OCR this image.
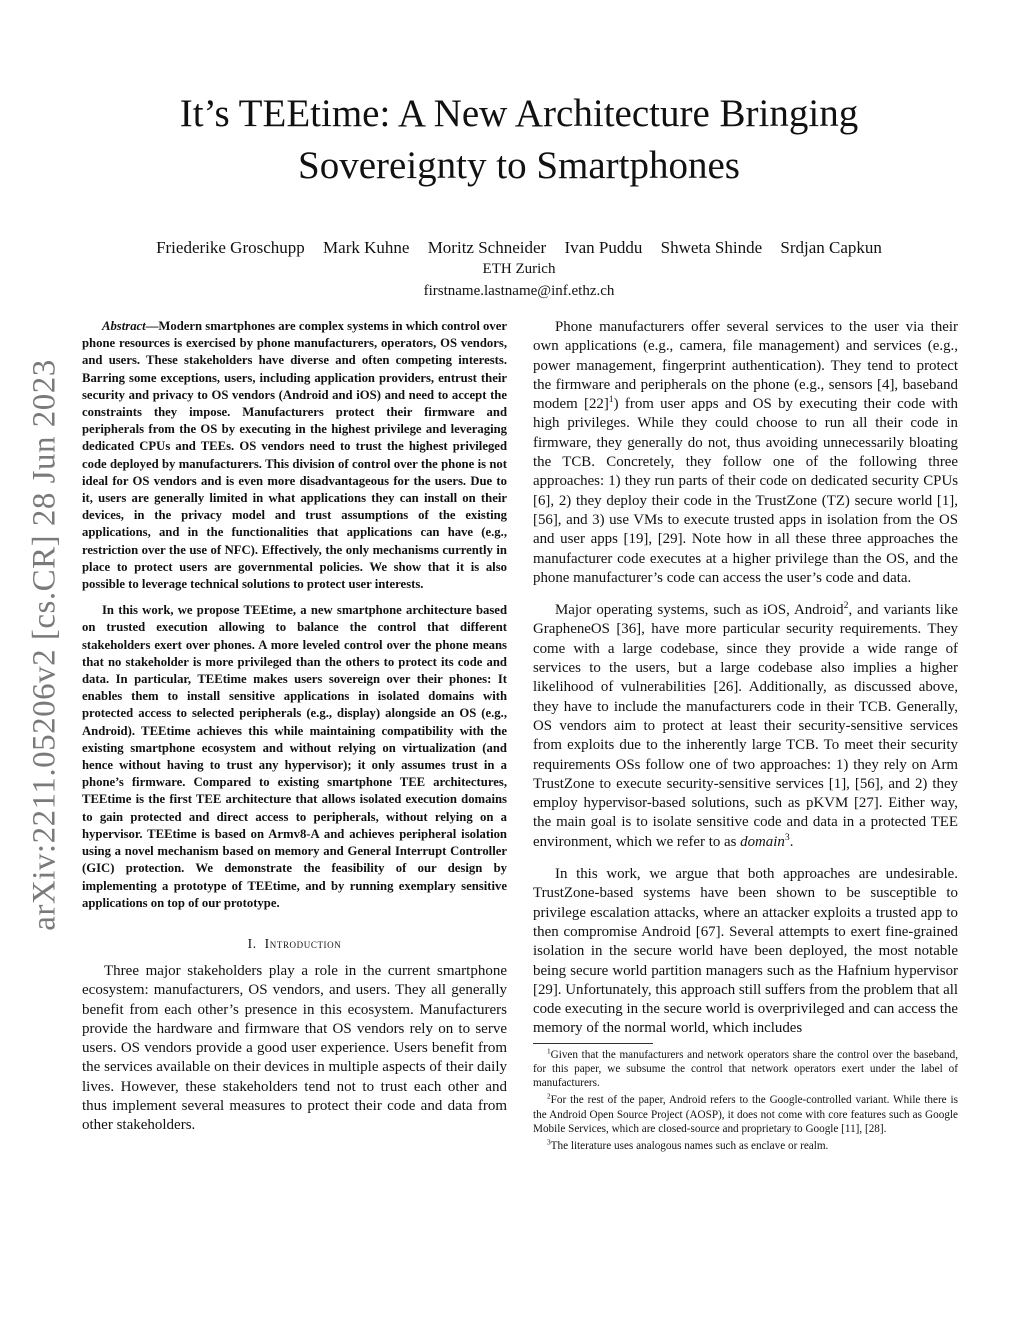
arXiv:2211.05206v2 [cs.CR] 28 Jun 2023
It’s TEEtime: A New Architecture Bringing
Sovereignty to Smartphones
Friederike Groschupp Mark Kuhne Moritz Schneider Ivan Puddu Shweta Shinde Srdjan Capkun
ETH Zurich
firstname.lastname@inf.ethz.ch

Abstract—Modern smartphones are complex systems in which control over phone resources is exercised by phone manufacturers, operators, OS vendors, and users. These stakeholders have diverse and often competing interests. Barring some exceptions, users, including application providers, entrust their security and privacy to OS vendors (Android and iOS) and need to accept the constraints they impose. Manufacturers protect their firmware and peripherals from the OS by executing in the highest privilege and leveraging dedicated CPUs and TEEs. OS vendors need to trust the highest privileged code deployed by manufacturers. This division of control over the phone is not ideal for OS vendors and is even more disadvantageous for the users. Due to it, users are generally limited in what applications they can install on their devices, in the privacy model and trust assumptions of the existing applications, and in the functionalities that applications can have (e.g., restriction over the use of NFC). Effectively, the only mechanisms currently in place to protect users are governmental policies. We show that it is also possible to leverage technical solutions to protect user interests.

In this work, we propose TEEtime, a new smartphone architecture based on trusted execution allowing to balance the control that different stakeholders exert over phones. A more leveled control over the phone means that no stakeholder is more privileged than the others to protect its code and data. In particular, TEEtime makes users sovereign over their phones: It enables them to install sensitive applications in isolated domains with protected access to selected peripherals (e.g., display) alongside an OS (e.g., Android). TEEtime achieves this while maintaining compatibility with the existing smartphone ecosystem and without relying on virtualization (and hence without having to trust any hypervisor); it only assumes trust in a phone’s firmware. Compared to existing smartphone TEE architectures, TEEtime is the first TEE architecture that allows isolated execution domains to gain protected and direct access to peripherals, without relying on a hypervisor. TEEtime is based on Armv8-A and achieves peripheral isolation using a novel mechanism based on memory and General Interrupt Controller (GIC) protection. We demonstrate the feasibility of our design by implementing a prototype of TEEtime, and by running exemplary sensitive applications on top of our prototype.

I. Introduction

Three major stakeholders play a role in the current smartphone ecosystem: manufacturers, OS vendors, and users. They all generally benefit from each other’s presence in this ecosystem. Manufacturers provide the hardware and firmware that OS vendors rely on to serve users. OS vendors provide a good user experience. Users benefit from the services available on their devices in multiple aspects of their daily lives. However, these stakeholders tend not to trust each other and thus implement several measures to protect their code and data from other stakeholders.

Phone manufacturers offer several services to the user via their own applications (e.g., camera, file management) and services (e.g., power management, fingerprint authentication). They tend to protect the firmware and peripherals on the phone (e.g., sensors [4], baseband modem $[22]^1$) from user apps and OS by executing their code with high privileges. While they could choose to run all their code in firmware, they generally do not, thus avoiding unnecessarily bloating the TCB. Concretely, they follow one of the following three approaches: 1) they run parts of their code on dedicated security CPUs [6], 2) they deploy their code in the TrustZone (TZ) secure world [1], [56], and 3) use VMs to execute trusted apps in isolation from the OS and user apps [19], [29]. Note how in all these three approaches the manufacturer code executes at a higher privilege than the OS, and the phone manufacturer’s code can access the user’s code and data.

Major operating systems, such as iOS, Android$^2$, and variants like GrapheneOS [36], have more particular security requirements. They come with a large codebase, since they provide a wide range of services to the users, but a large codebase also implies a higher likelihood of vulnerabilities [26]. Additionally, as discussed above, they have to include the manufacturers code in their TCB. Generally, OS vendors aim to protect at least their security-sensitive services from exploits due to the inherently large TCB. To meet their security requirements OSs follow one of two approaches: 1) they rely on Arm TrustZone to execute security-sensitive services [1], [56], and 2) they employ hypervisor-based solutions, such as pKVM [27]. Either way, the main goal is to isolate sensitive code and data in a protected TEE environment, which we refer to as domain$^3$.

In this work, we argue that both approaches are undesirable. TrustZone-based systems have been shown to be susceptible to privilege escalation attacks, where an attacker exploits a trusted app to then compromise Android [67]. Several attempts to exert fine-grained isolation in the secure world have been deployed, the most notable being secure world partition managers such as the Hafnium hypervisor [29]. Unfortunately, this approach still suffers from the problem that all code executing in the secure world is overprivileged and can access the memory of the normal world, which includes

$^1$Given that the manufacturers and network operators share the control over the baseband, for this paper, we subsume the control that network operators exert under the label of manufacturers.

$^2$For the rest of the paper, Android refers to the Google-controlled variant. While there is the Android Open Source Project (AOSP), it does not come with core features such as Google Mobile Services, which are closed-source and proprietary to Google [11], [28].

$^3$The literature uses analogous names such as enclave or realm.
